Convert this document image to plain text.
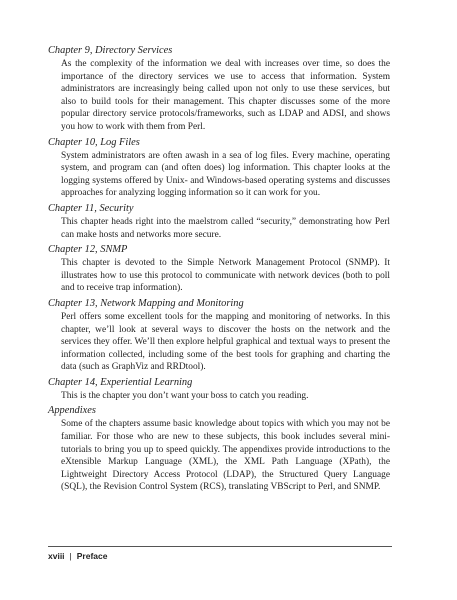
Chapter 9, Directory Services

As the complexity of the information we deal with increases over time, so does the importance of the directory services we use to access that information. System administrators are increasingly being called upon not only to use these services, but also to build tools for their management. This chapter discusses some of the more popular directory service protocols/frameworks, such as LDAP and ADSI, and shows you how to work with them from Perl.

Chapter 10, Log Files

System administrators are often awash in a sea of log files. Every machine, operating system, and program can (and often does) log information. This chapter looks at the logging systems offered by Unix- and Windows-based operating systems and discusses approaches for analyzing logging information so it can work for you.

Chapter 11, Security

This chapter heads right into the maelstrom called “security,” demonstrating how Perl can make hosts and networks more secure.

Chapter 12, SNMP

This chapter is devoted to the Simple Network Management Protocol (SNMP). It illustrates how to use this protocol to communicate with network devices (both to poll and to receive trap information).

Chapter 13, Network Mapping and Monitoring

Perl offers some excellent tools for the mapping and monitoring of networks. In this chapter, we’ll look at several ways to discover the hosts on the network and the services they offer. We’ll then explore helpful graphical and textual ways to present the information collected, including some of the best tools for graphing and charting the data (such as GraphViz and RRDtool).

Chapter 14, Experiential Learning

This is the chapter you don’t want your boss to catch you reading.

Appendixes

Some of the chapters assume basic knowledge about topics with which you may not be familiar. For those who are new to these subjects, this book includes several mini-tutorials to bring you up to speed quickly. The appendixes provide introductions to the eXtensible Markup Language (XML), the XML Path Language (XPath), the Lightweight Directory Access Protocol (LDAP), the Structured Query Language (SQL), the Revision Control System (RCS), translating VBScript to Perl, and SNMP.

xviii | Preface
